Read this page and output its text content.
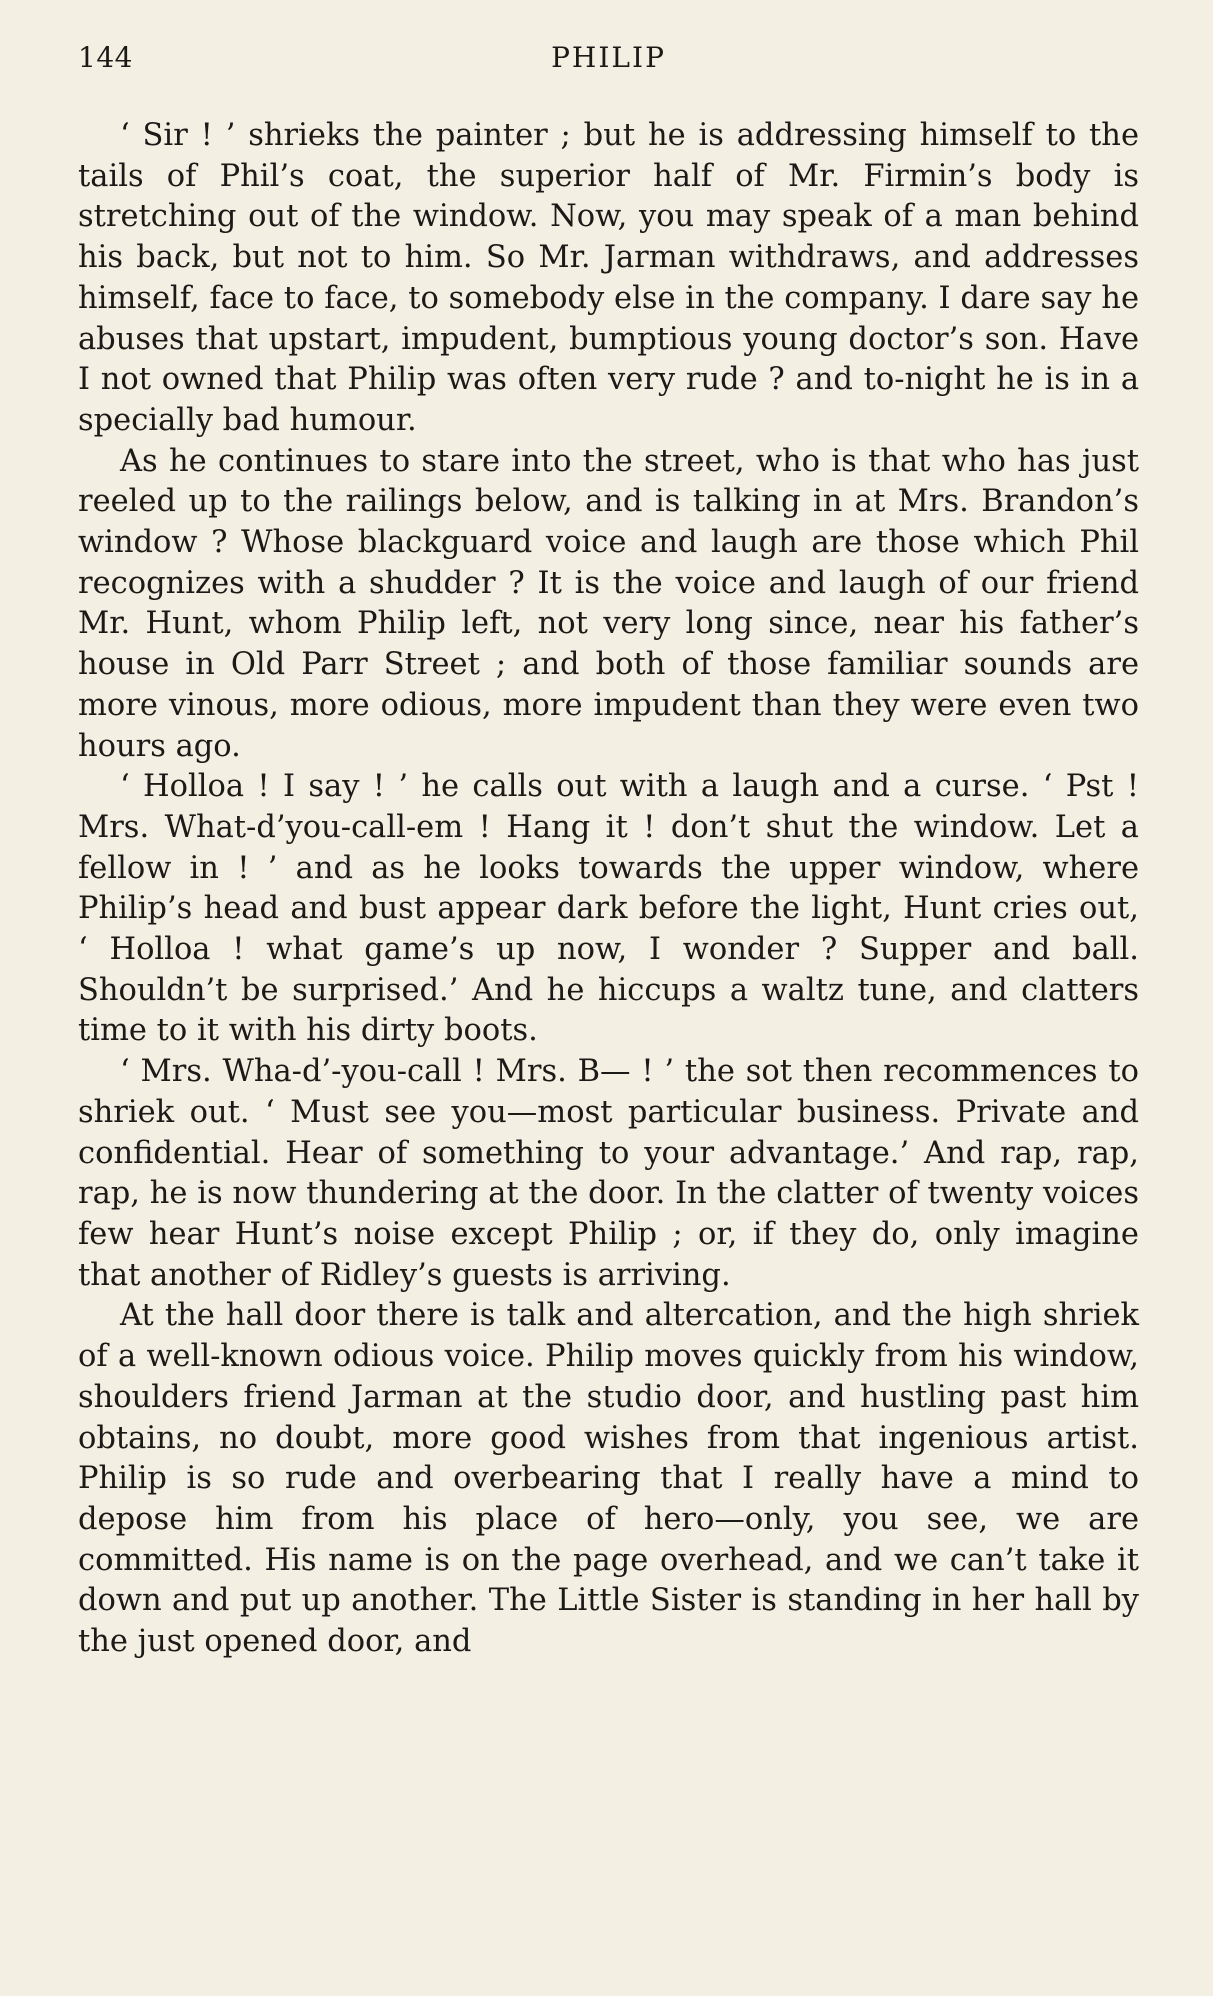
144	PHILIP

‘ Sir ! ’ shrieks the painter ; but he is addressing himself to the tails of Phil’s coat, the superior half of Mr. Firmin’s body is stretching out of the window. Now, you may speak of a man behind his back, but not to him. So Mr. Jarman withdraws, and addresses himself, face to face, to somebody else in the company. I dare say he abuses that upstart, impudent, bumptious young doctor’s son. Have I not owned that Philip was often very rude ? and to-night he is in a specially bad humour.

As he continues to stare into the street, who is that who has just reeled up to the railings below, and is talking in at Mrs. Brandon’s window ? Whose blackguard voice and laugh are those which Phil recognizes with a shudder ? It is the voice and laugh of our friend Mr. Hunt, whom Philip left, not very long since, near his father’s house in Old Parr Street ; and both of those familiar sounds are more vinous, more odious, more impudent than they were even two hours ago.

‘ Holloa ! I say ! ’ he calls out with a laugh and a curse. ‘ Pst ! Mrs. What-d’you-call-em ! Hang it ! don’t shut the window. Let a fellow in ! ’ and as he looks towards the upper window, where Philip’s head and bust appear dark before the light, Hunt cries out, ‘ Holloa ! what game’s up now, I wonder ? Supper and ball. Shouldn’t be surprised.’ And he hiccups a waltz tune, and clatters time to it with his dirty boots.

‘ Mrs. Wha-d’-you-call ! Mrs. B— ! ’ the sot then recommences to shriek out. ‘ Must see you—most particular business. Private and confidential. Hear of something to your advantage.’ And rap, rap, rap, he is now thundering at the door. In the clatter of twenty voices few hear Hunt’s noise except Philip ; or, if they do, only imagine that another of Ridley’s guests is arriving.

At the hall door there is talk and altercation, and the high shriek of a well-known odious voice. Philip moves quickly from his window, shoulders friend Jarman at the studio door, and hustling past him obtains, no doubt, more good wishes from that ingenious artist. Philip is so rude and overbearing that I really have a mind to depose him from his place of hero—only, you see, we are committed. His name is on the page overhead, and we can’t take it down and put up another. The Little Sister is standing in her hall by the just opened door, and
